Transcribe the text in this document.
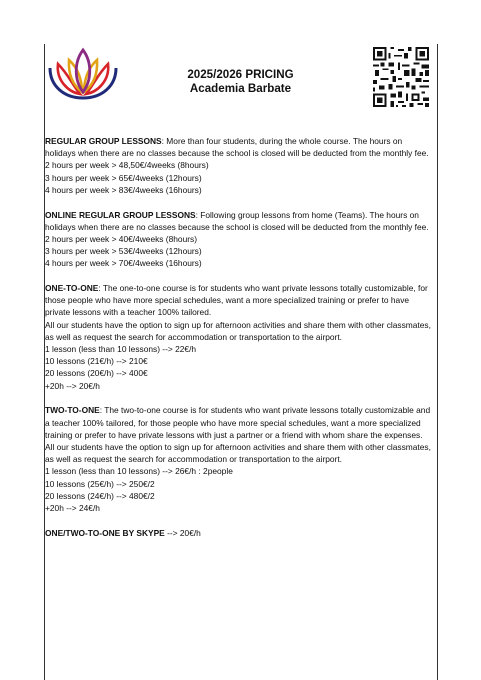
2025/2026 PRICING
Academia Barbate
REGULAR GROUP LESSONS: More than four students, during the whole course. The hours on holidays when there are no classes because the school is closed will be deducted from the monthly fee.
2 hours per week > 48,50€/4weeks (8hours)
3 hours per week > 65€/4weeks (12hours)
4 hours per week > 83€/4weeks (16hours)
ONLINE REGULAR GROUP LESSONS: Following group lessons from home (Teams). The hours on holidays when there are no classes because the school is closed will be deducted from the monthly fee.
2 hours per week > 40€/4weeks (8hours)
3 hours per week > 53€/4weeks (12hours)
4 hours per week > 70€/4weeks (16hours)
ONE-TO-ONE: The one-to-one course is for students who want private lessons totally customizable, for those people who have more special schedules, want a more specialized training or prefer to have private lessons with a teacher 100% tailored.
All our students have the option to sign up for afternoon activities and share them with other classmates, as well as request the search for accommodation or transportation to the airport.
1 lesson (less than 10 lessons) --> 22€/h
10 lessons (21€/h) --> 210€
20 lessons (20€/h) --> 400€
+20h --> 20€/h
TWO-TO-ONE: The two-to-one course is for students who want private lessons totally customizable and a teacher 100% tailored, for those people who have more special schedules, want a more specialized training or prefer to have private lessons with just a partner or a friend with whom share the expenses.
All our students have the option to sign up for afternoon activities and share them with other classmates, as well as request the search for accommodation or transportation to the airport.
1 lesson (less than 10 lessons) --> 26€/h : 2people
10 lessons (25€/h) --> 250€/2
20 lessons (24€/h) --> 480€/2
+20h --> 24€/h
ONE/TWO-TO-ONE BY SKYPE --> 20€/h
